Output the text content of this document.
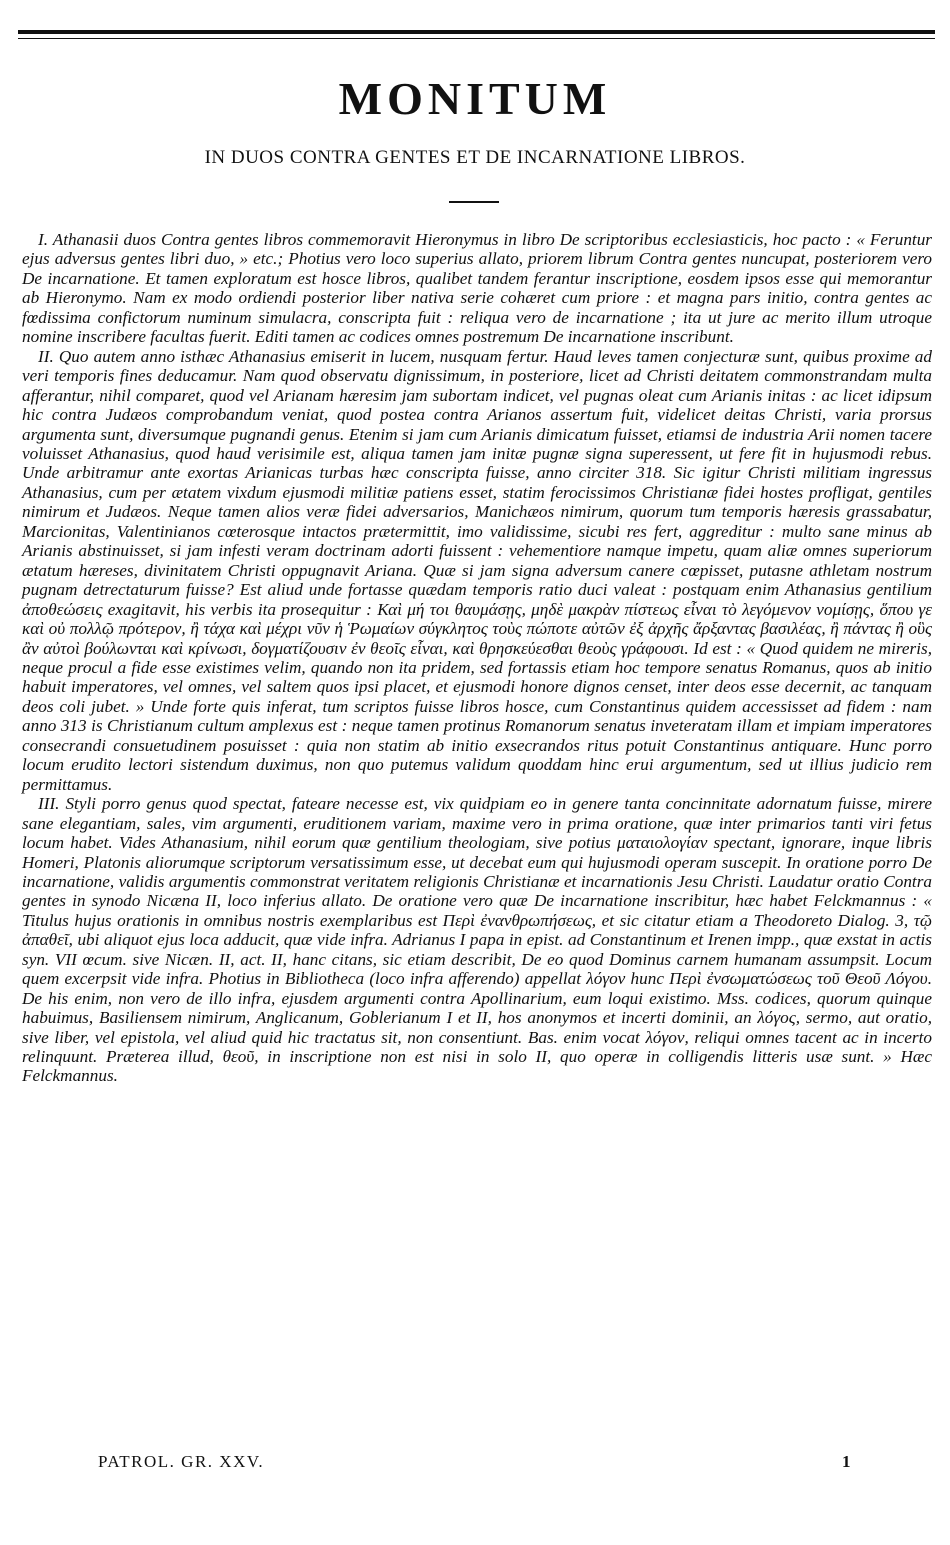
MONITUM
IN DUOS CONTRA GENTES ET DE INCARNATIONE LIBROS.

I. Athanasii duos Contra gentes libros commemoravit Hieronymus in libro De scriptoribus ecclesiasticis, hoc pacto : « Feruntur ejus adversus gentes libri duo, » etc.; Photius vero loco superius allato, priorem librum Contra gentes nuncupat, posteriorem vero De incarnatione. Et tamen exploratum est hosce libros, qualibet tandem ferantur inscriptione, eosdem ipsos esse qui memorantur ab Hieronymo. Nam ex modo ordiendi posterior liber nativa serie cohæret cum priore : et magna pars initio, contra gentes ac fœdissima confictorum numinum simulacra, conscripta fuit : reliqua vero de incarnatione ; ita ut jure ac merito illum utroque nomine inscribere facultas fuerit. Editi tamen ac codices omnes postremum De incarnatione inscribunt.

II. Quo autem anno isthæc Athanasius emiserit in lucem, nusquam fertur. Haud leves tamen conjecturæ sunt, quibus proxime ad veri temporis fines deducamur. Nam quod observatu dignissimum, in posteriore, licet ad Christi deitatem commonstrandam multa afferantur, nihil comparet, quod vel Arianam hæresim jam subortam indicet, vel pugnas oleat cum Arianis initas : ac licet idipsum hic contra Judæos comprobandum veniat, quod postea contra Arianos assertum fuit, videlicet deitas Christi, varia prorsus argumenta sunt, diversumque pugnandi genus. Etenim si jam cum Arianis dimicatum fuisset, etiamsi de industria Arii nomen tacere voluisset Athanasius, quod haud verisimile est, aliqua tamen jam initæ pugnæ signa superessent, ut fere fit in hujusmodi rebus. Unde arbitramur ante exortas Arianicas turbas hæc conscripta fuisse, anno circiter 318. Sic igitur Christi militiam ingressus Athanasius, cum per ætatem vixdum ejusmodi militiæ patiens esset, statim ferocissimos Christianæ fidei hostes profligat, gentiles nimirum et Judæos. Neque tamen alios veræ fidei adversarios, Manichæos nimirum, quorum tum temporis hæresis grassabatur, Marcionitas, Valentinianos cœterosque intactos prætermittit, imo validissime, sicubi res fert, aggreditur : multo sane minus ab Arianis abstinuisset, si jam infesti veram doctrinam adorti fuissent : vehementiore namque impetu, quam aliæ omnes superiorum ætatum hæreses, divinitatem Christi oppugnavit Ariana. Quæ si jam signa adversum canere cœpisset, putasne athletam nostrum pugnam detrectaturum fuisse? Est aliud unde fortasse quædam temporis ratio duci valeat : postquam enim Athanasius gentilium ἀποθεώσεις exagitavit, his verbis ita prosequitur : Καὶ μή τοι θαυμάσῃς, μηδὲ μακρὰν πίστεως εἶναι τὸ λεγόμενον νομίσῃς, ὅπου γε καὶ οὐ πολλῷ πρότερον, ἢ τάχα καὶ μέχρι νῦν ἡ Ῥωμαίων σύγκλητος τοὺς πώποτε αὐτῶν ἐξ ἀρχῆς ἄρξαντας βασιλέας, ἢ πάντας ἢ οὓς ἂν αὐτοὶ βούλωνται καὶ κρίνωσι, δογματίζουσιν ἐν θεοῖς εἶναι, καὶ θρησκεύεσθαι θεοὺς γράφουσι. Id est : « Quod quidem ne mireris, neque procul a fide esse existimes velim, quando non ita pridem, sed fortassis etiam hoc tempore senatus Romanus, quos ab initio habuit imperatores, vel omnes, vel saltem quos ipsi placet, et ejusmodi honore dignos censet, inter deos esse decernit, ac tanquam deos coli jubet. » Unde forte quis inferat, tum scriptos fuisse libros hosce, cum Constantinus quidem accessisset ad fidem : nam anno 313 is Christianum cultum amplexus est : neque tamen protinus Romanorum senatus inveteratam illam et impiam imperatores consecrandi consuetudinem posuisset : quia non statim ab initio exsecrandos ritus potuit Constantinus antiquare. Hunc porro locum erudito lectori sistendum duximus, non quo putemus validum quoddam hinc erui argumentum, sed ut illius judicio rem permittamus.

III. Styli porro genus quod spectat, fateare necesse est, vix quidpiam eo in genere tanta concinnitate adornatum fuisse, mirere sane elegantiam, sales, vim argumenti, eruditionem variam, maxime vero in prima oratione, quæ inter primarios tanti viri fetus locum habet. Vides Athanasium, nihil eorum quæ gentilium theologiam, sive potius ματαιολογίαν spectant, ignorare, inque libris Homeri, Platonis aliorumque scriptorum versatissimum esse, ut decebat eum qui hujusmodi operam suscepit. In oratione porro De incarnatione, validis argumentis commonstrat veritatem religionis Christianæ et incarnationis Jesu Christi. Laudatur oratio Contra gentes in synodo Nicæna II, loco inferius allato. De oratione vero quæ De incarnatione inscribitur, hæc habet Felckmannus : « Titulus hujus orationis in omnibus nostris exemplaribus est Περὶ ἐνανθρωπήσεως, et sic citatur etiam a Theodoreto Dialog. 3, τῷ ἀπαθεῖ, ubi aliquot ejus loca adducit, quæ vide infra. Adrianus I papa in epist. ad Constantinum et Irenen impp., quæ exstat in actis syn. VII œcum. sive Nicæn. II, act. II, hanc citans, sic etiam describit, De eo quod Dominus carnem humanam assumpsit. Locum quem excerpsit vide infra. Photius in Bibliotheca (loco infra afferendo) appellat λόγον hunc Περὶ ἐνσωματώσεως τοῦ Θεοῦ Λόγου. De his enim, non vero de illo infra, ejusdem argumenti contra Apollinarium, eum loqui existimo. Mss. codices, quorum quinque habuimus, Basiliensem nimirum, Anglicanum, Goblerianum I et II, hos anonymos et incerti dominii, an λόγος, sermo, aut oratio, sive liber, vel epistola, vel aliud quid hic tractatus sit, non consentiunt. Bas. enim vocat λόγον, reliqui omnes tacent ac in incerto relinquunt. Præterea illud, θεοῦ, in inscriptione non est nisi in solo II, quo operæ in colligendis litteris usæ sunt. » Hæc Felckmannus.

PATROL. GR. XXV.	1
